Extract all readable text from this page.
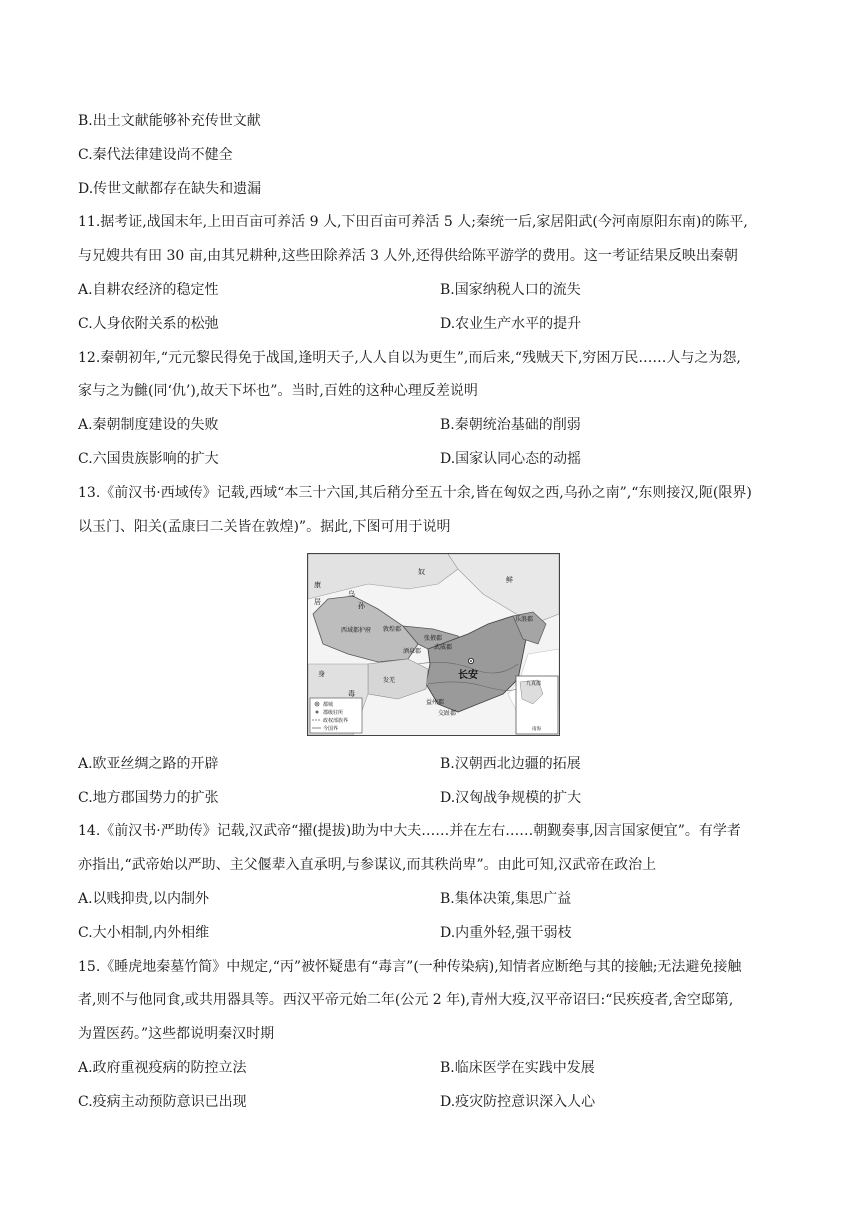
B.出土文献能够补充传世文献
C.秦代法律建设尚不健全
D.传世文献都存在缺失和遗漏
11.据考证,战国末年,上田百亩可养活 9 人,下田百亩可养活 5 人;秦统一后,家居阳武(今河南原阳东南)的陈平,
与兄嫂共有田 30 亩,由其兄耕种,这些田除养活 3 人外,还得供给陈平游学的费用。这一考证结果反映出秦朝
A.自耕农经济的稳定性	B.国家纳税人口的流失
C.人身依附关系的松弛	D.农业生产水平的提升
12.秦朝初年,“元元黎民得免于战国,逢明天子,人人自以为更生”,而后来,“残贼天下,穷困万民……人与之为怨,
家与之为雠(同‘仇’),故天下坏也”。当时,百姓的这种心理反差说明
A.秦朝制度建设的失败	B.秦朝统治基础的削弱
C.六国贵族影响的扩大	D.国家认同心态的动摇
13.《前汉书·西域传》记载,西域“本三十六国,其后稍分至五十余,皆在匈奴之西,乌孙之南”,“东则接汉,阨(限界)
以玉门、阳关(孟康曰二关皆在敦煌)”。据此,下图可用于说明
康
居
乌
孙
鲜
奴
西域都护府 敦煌郡
张掖郡
武威郡
酒泉郡
乐浪郡
长安
身
毒
发羌
益州郡
交趾郡
九真郡
南海
都城
郡级驻所
政权部族界
今国界
A.欧亚丝绸之路的开辟	B.汉朝西北边疆的拓展
C.地方郡国势力的扩张	D.汉匈战争规模的扩大
14.《前汉书·严助传》记载,汉武帝“擢(提拔)助为中大夫……并在左右……朝觐奏事,因言国家便宜”。有学者
亦指出,“武帝始以严助、主父偃辈入直承明,与参谋议,而其秩尚卑”。由此可知,汉武帝在政治上
A.以贱抑贵,以内制外	B.集体决策,集思广益
C.大小相制,内外相维	D.内重外轻,强干弱枝
15.《睡虎地秦墓竹简》中规定,“丙”被怀疑患有“毒言”(一种传染病),知情者应断绝与其的接触;无法避免接触
者,则不与他同食,或共用器具等。西汉平帝元始二年(公元 2 年),青州大疫,汉平帝诏曰:“民疾疫者,舍空邸第,
为置医药。”这些都说明秦汉时期
A.政府重视疫病的防控立法	B.临床医学在实践中发展
C.疫病主动预防意识已出现	D.疫灾防控意识深入人心
